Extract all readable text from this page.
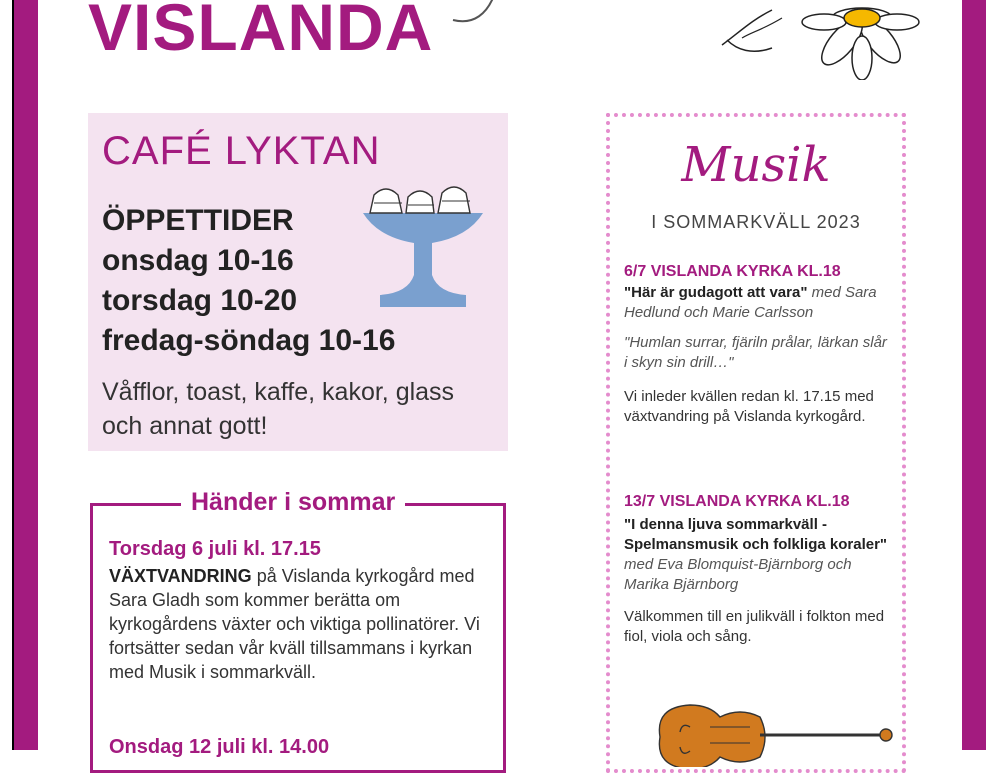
VISLANDA
CAFÉ LYKTAN
ÖPPETTIDER
onsdag 10-16
torsdag 10-20
fredag-söndag 10-16
Våfflor, toast, kaffe, kakor, glass
och annat gott!
Händer i sommar
Torsdag 6 juli kl. 17.15
VÄXTVANDRING på Vislanda kyrkogård med Sara Gladh som kommer berätta om kyrkogårdens växter och viktiga pollinatörer. Vi fortsätter sedan vår kväll tillsammans i kyrkan med Musik i sommarkväll.
Onsdag 12 juli kl. 14.00
Musik
I SOMMARKVÄLL 2023
6/7 VISLANDA KYRKA KL.18
"Här är gudagott att vara" med Sara Hedlund och Marie Carlsson
"Humlan surrar, fjäriln prålar, lärkan slår i skyn sin drill…"
Vi inleder kvällen redan kl. 17.15 med växtvandring på Vislanda kyrkogård.
13/7 VISLANDA KYRKA KL.18
"I denna ljuva sommarkväll -Spelmansmusik och folkliga koraler" med Eva Blomquist-Bjärnborg och Marika Bjärnborg
Välkommen till en julikväll i folkton med fiol, viola och sång.
